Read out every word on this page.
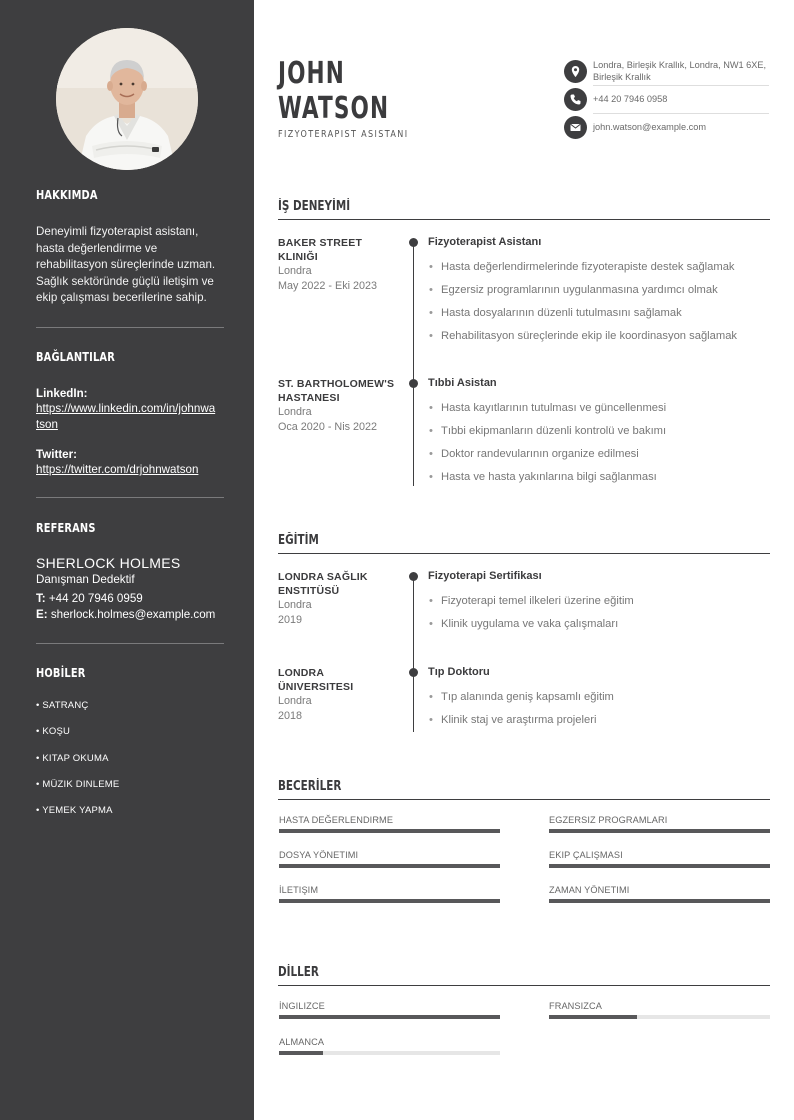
HAKKIMDA
Deneyimli fizyoterapist asistanı, hasta değerlendirme ve rehabilitasyon süreçlerinde uzman. Sağlık sektöründe güçlü iletişim ve ekip çalışması becerilerine sahip.
BAĞLANTILAR
LinkedIn:
https://www.linkedin.com/in/johnwatson
Twitter:
https://twitter.com/drjohnwatson
REFERANS
SHERLOCK HOLMES
Danışman Dedektif
T: +44 20 7946 0959
E: sherlock.holmes@example.com
HOBİLER
• SATRANÇ
• KOŞU
• KITAP OKUMA
• MÜZIK DINLEME
• YEMEK YAPMA
JOHN
WATSON
FIZYOTERAPIST ASISTANI
Londra, Birleşik Krallık, Londra, NW1 6XE, Birleşik Krallık
+44 20 7946 0958
john.watson@example.com
İŞ DENEYİMİ
BAKER STREET KLINIĞI
Londra
May 2022 - Eki 2023
Fizyoterapist Asistanı
• Hasta değerlendirmelerinde fizyoterapiste destek sağlamak
• Egzersiz programlarının uygulanmasına yardımcı olmak
• Hasta dosyalarının düzenli tutulmasını sağlamak
• Rehabilitasyon süreçlerinde ekip ile koordinasyon sağlamak
ST. BARTHOLOMEW'S HASTANESI
Londra
Oca 2020 - Nis 2022
Tıbbi Asistan
• Hasta kayıtlarının tutulması ve güncellenmesi
• Tıbbi ekipmanların düzenli kontrolü ve bakımı
• Doktor randevularının organize edilmesi
• Hasta ve hasta yakınlarına bilgi sağlanması
EĞİTİM
LONDRA SAĞLIK ENSTITÜSÜ
Londra
2019
Fizyoterapi Sertifikası
• Fizyoterapi temel ilkeleri üzerine eğitim
• Klinik uygulama ve vaka çalışmaları
LONDRA ÜNIVERSITESI
Londra
2018
Tıp Doktoru
• Tıp alanında geniş kapsamlı eğitim
• Klinik staj ve araştırma projeleri
BECERİLER
HASTA DEĞERLENDIRME	EGZERSIZ PROGRAMLARI
DOSYA YÖNETIMI	EKIP ÇALIŞMASI
İLETIŞIM	ZAMAN YÖNETIMI
DİLLER
İNGILIZCE	FRANSIZCA
ALMANCA
